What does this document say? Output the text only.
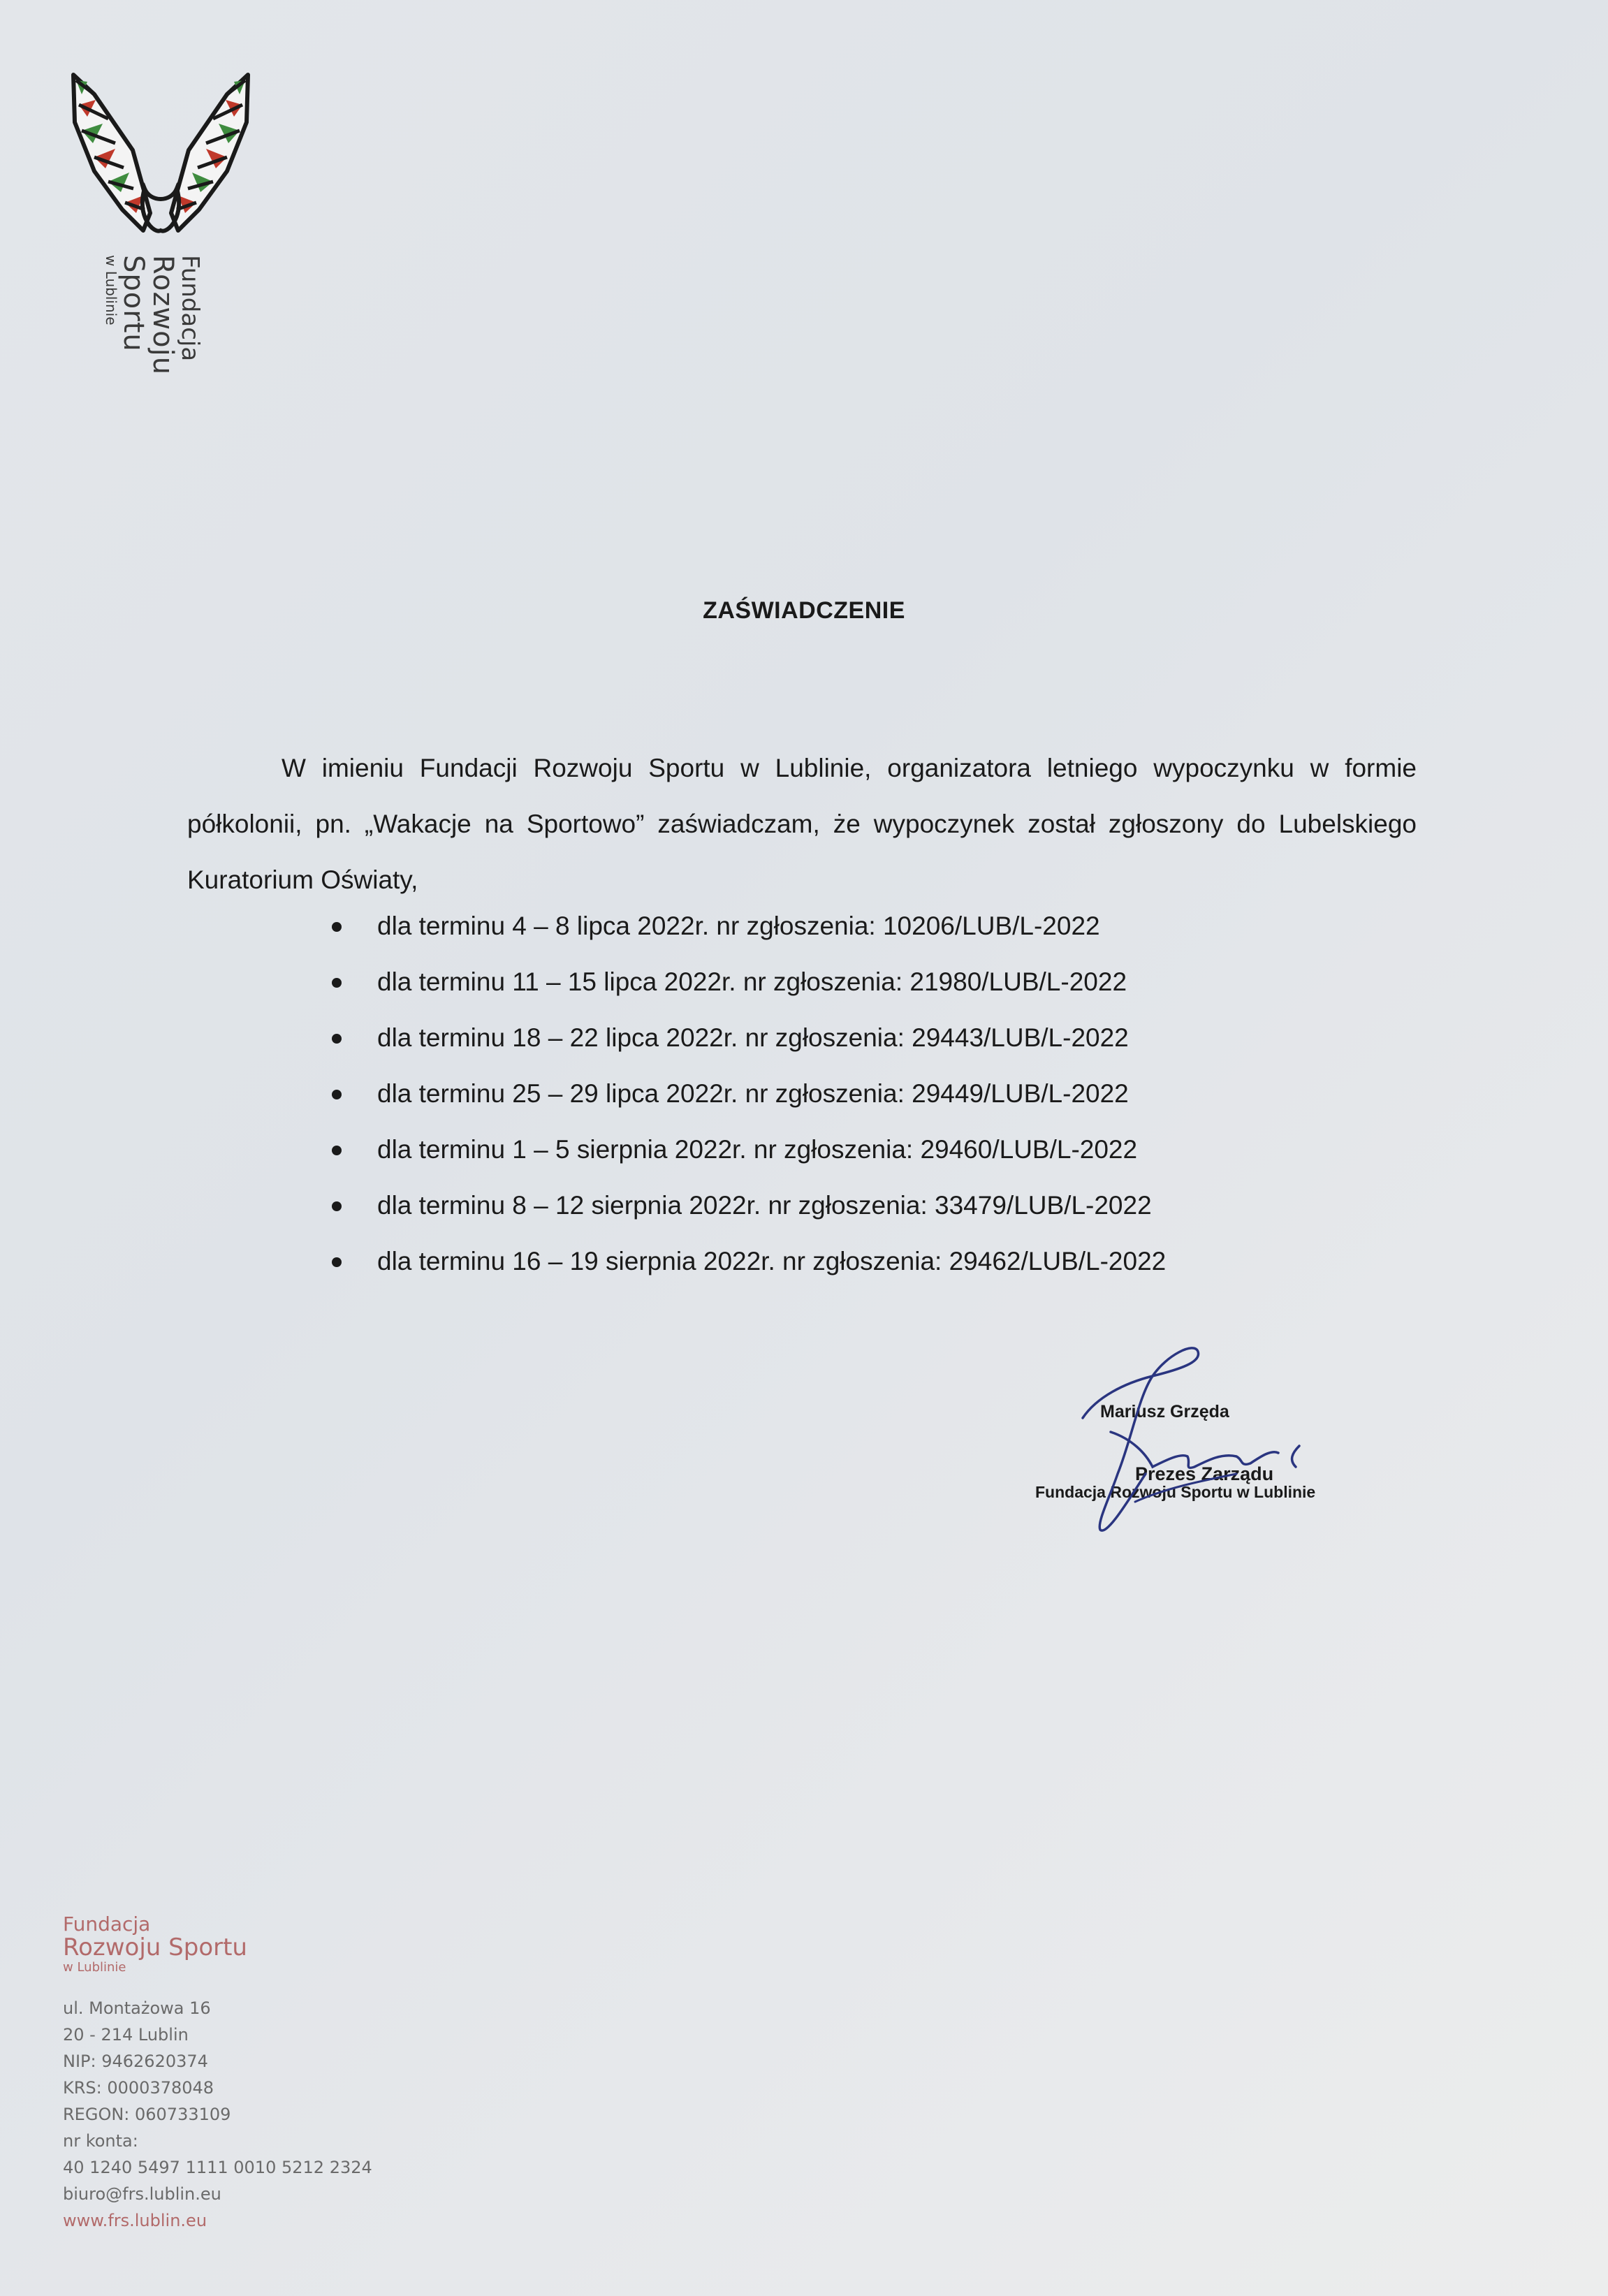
Fundacja
Rozwoju Sportu
w Lublinie
ZAŚWIADCZENIE
W imieniu Fundacji Rozwoju Sportu w Lublinie, organizatora letniego wypoczynku w formie półkolonii, pn. „Wakacje na Sportowo” zaświadczam, że wypoczynek został zgłoszony do Lubelskiego Kuratorium Oświaty,
dla terminu 4 – 8 lipca 2022r. nr zgłoszenia: 10206/LUB/L-2022
dla terminu 11 – 15 lipca 2022r. nr zgłoszenia: 21980/LUB/L-2022
dla terminu 18 – 22 lipca 2022r. nr zgłoszenia: 29443/LUB/L-2022
dla terminu 25 – 29 lipca 2022r. nr zgłoszenia: 29449/LUB/L-2022
dla terminu 1 – 5 sierpnia 2022r. nr zgłoszenia: 29460/LUB/L-2022
dla terminu 8 – 12 sierpnia 2022r. nr zgłoszenia: 33479/LUB/L-2022
dla terminu 16 – 19 sierpnia 2022r. nr zgłoszenia: 29462/LUB/L-2022
Mariusz Grzęda
Prezes Zarządu
Fundacja Rozwoju Sportu w Lublinie
Fundacja
Rozwoju Sportu
w Lublinie
ul. Montażowa 16
20 - 214 Lublin
NIP: 9462620374
KRS: 0000378048
REGON: 060733109
nr konta:
40 1240 5497 1111 0010 5212 2324
biuro@frs.lublin.eu
www.frs.lublin.eu
